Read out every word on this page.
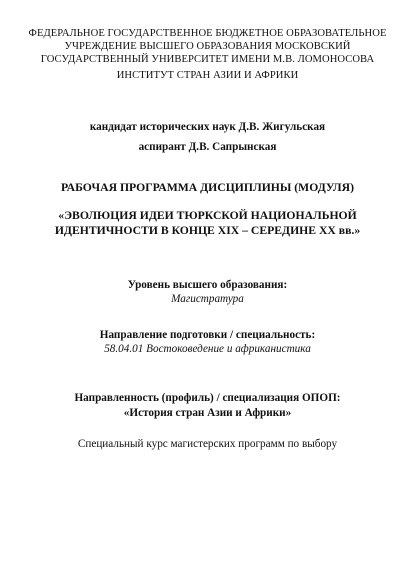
ФЕДЕРАЛЬНОЕ ГОСУДАРСТВЕННОЕ БЮДЖЕТНОЕ ОБРАЗОВАТЕЛЬНОЕ
УЧРЕЖДЕНИЕ ВЫСШЕГО ОБРАЗОВАНИЯ МОСКОВСКИЙ
ГОСУДАРСТВЕННЫЙ УНИВЕРСИТЕТ ИМЕНИ М.В. ЛОМОНОСОВА
ИНСТИТУТ СТРАН АЗИИ И АФРИКИ
кандидат исторических наук Д.В. Жигульская
аспирант Д.В. Сапрынская
РАБОЧАЯ ПРОГРАММА ДИСЦИПЛИНЫ (МОДУЛЯ)
«ЭВОЛЮЦИЯ ИДЕИ ТЮРКСКОЙ НАЦИОНАЛЬНОЙ
ИДЕНТИЧНОСТИ В КОНЦЕ XIX – СЕРЕДИНЕ XX вв.»
Уровень высшего образования:
Магистратура
Направление подготовки / специальность:
58.04.01 Востоковедение и африканистика
Направленность (профиль) / специализация ОПОП:
«История стран Азии и Африки»
Специальный курс магистерских программ по выбору
